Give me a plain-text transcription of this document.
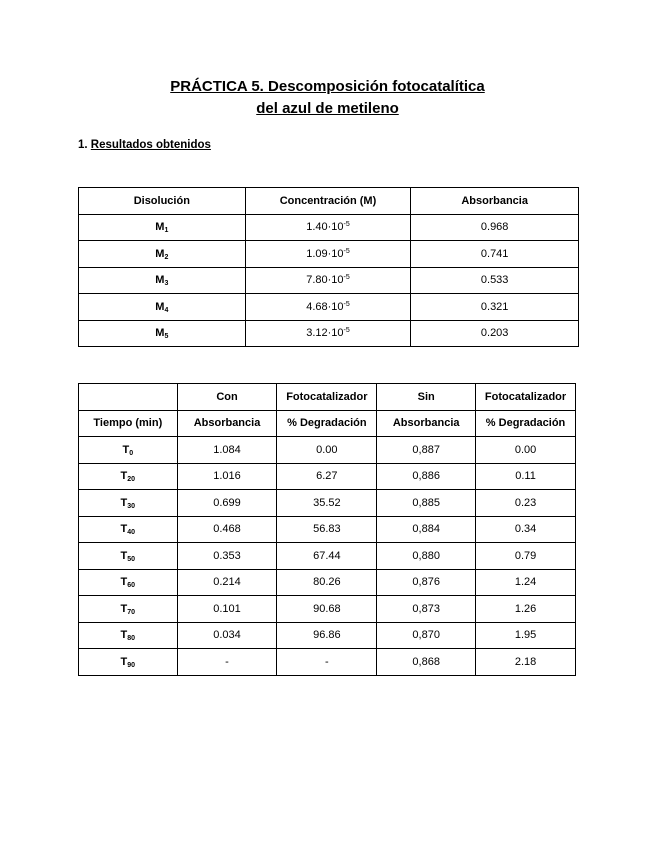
PRÁCTICA 5. Descomposición fotocatalítica
del azul de metileno
1. Resultados obtenidos
Disolución	Concentración (M)	Absorbancia
$M_1$	$1.40\cdot 10^{-5}$	0.968
$M_2$	$1.09\cdot 10^{-5}$	0.741
$M_3$	$7.80\cdot 10^{-5}$	0.533
$M_4$	$4.68\cdot 10^{-5}$	0.321
$M_5$	$3.12\cdot 10^{-5}$	0.203
	Con	Fotocatalizador	Sin	Fotocatalizador
Tiempo (min)	Absorbancia	% Degradación	Absorbancia	% Degradación
$T_0$	1.084	0.00	0,887	0.00
$T_{20}$	1.016	6.27	0,886	0.11
$T_{30}$	0.699	35.52	0,885	0.23
$T_{40}$	0.468	56.83	0,884	0.34
$T_{50}$	0.353	67.44	0,880	0.79
$T_{60}$	0.214	80.26	0,876	1.24
$T_{70}$	0.101	90.68	0,873	1.26
$T_{80}$	0.034	96.86	0,870	1.95
$T_{90}$	-	-	0,868	2.18
